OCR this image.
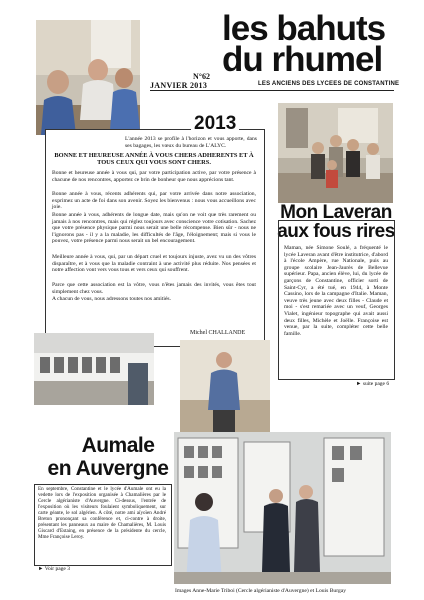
les bahuts
du rhumel
N°62
JANVIER 2013	LES ANCIENS DES LYCEES DE CONSTANTINE
2013
L'année 2013 se profile à l'horizon et vous apporte, dans ses bagages, les vœux du bureau de L'ALYC.
BONNE ET HEUREUSE ANNÉE À VOUS CHERS ADHERENTS ET À TOUS CEUX QUI VOUS SONT CHERS.
Bonne et heureuse année à vous qui, par votre participation active, par votre présence à chacune de nos rencontres, apportez ce brin de bonheur que nous apprécions tant.
Bonne année à vous, récents adhérents qui, par votre arrivée dans notre association, exprimez un acte de foi dans son avenir. Soyez les bienvenus : nous vous accueillons avec joie.
Bonne année à vous, adhérents de longue date, mais qu'on ne voit que très rarement ou jamais à nos rencontres, mais qui réglez toujours avec conscience votre cotisation. Sachez que votre présence physique parmi nous serait une belle récompense. Bien sûr - nous ne l'ignorons pas - il y a la maladie, les difficultés de l'âge, l'éloignement; mais si vous le pouvez, votre présence parmi nous serait un bel encouragement.
Meilleure année à vous, qui, par un départ cruel et toujours injuste, avez vu un des vôtres disparaître, et à vous que la maladie contraint à une activité plus réduite. Nos pensées et notre affection vont vers vous tous et vers ceux qui souffrent.
Parce que cette association est la vôtre, vous n'êtes jamais des invités, vous êtes tout simplement chez vous.
A chacun de vous, nous adressons toutes nos amitiés.
Michel CHALLANDE
Mon Laveran
aux fous rires
Maman, née Simone Soulé, a fréquenté le lycée Laveran avant d'être institutrice, d'abord à l'école Ampère, rue Nationale, puis au groupe scolaire Jean-Jaurès de Bellevue supérieur. Papa, ancien élève, lui, du lycée de garçons de Constantine, officier sorti de Saint-Cyr, a été tué, en 1944, à Monte Cassino, lors de la campagne d'Italie. Maman, veuve très jeune avec deux filles - Claude et moi - s'est remariée avec un veuf, Georges Vialet, ingénieur topographe qui avait aussi deux filles, Michèle et Joëlle. Françoise est venue, par la suite, compléter cette belle famille.
► suite page 6
Aumale
en Auvergne
En septembre, Constantine et le lycée d'Aumale ont eu la vedette lors de l'exposition organisée à Chamalières par le Cercle algérianiste d'Auvergne. Ci-dessus, l'entrée de l'exposition où les visiteurs foulaient symboliquement, sur carte géante, le sol algérien. A côté, notre ami aïyoïen André Breton prononçant sa conférence et, ci-contre à droite, présentant les panneaux au maire de Chamalières, M. Louis Giscard d'Estaing, en présence de la présidente du cercle, Mme Françoise Leroy.
► Voir page 3
Images Anne-Marie Triboi (Cercle algérianiste d'Auvergne) et Louis Burgay
